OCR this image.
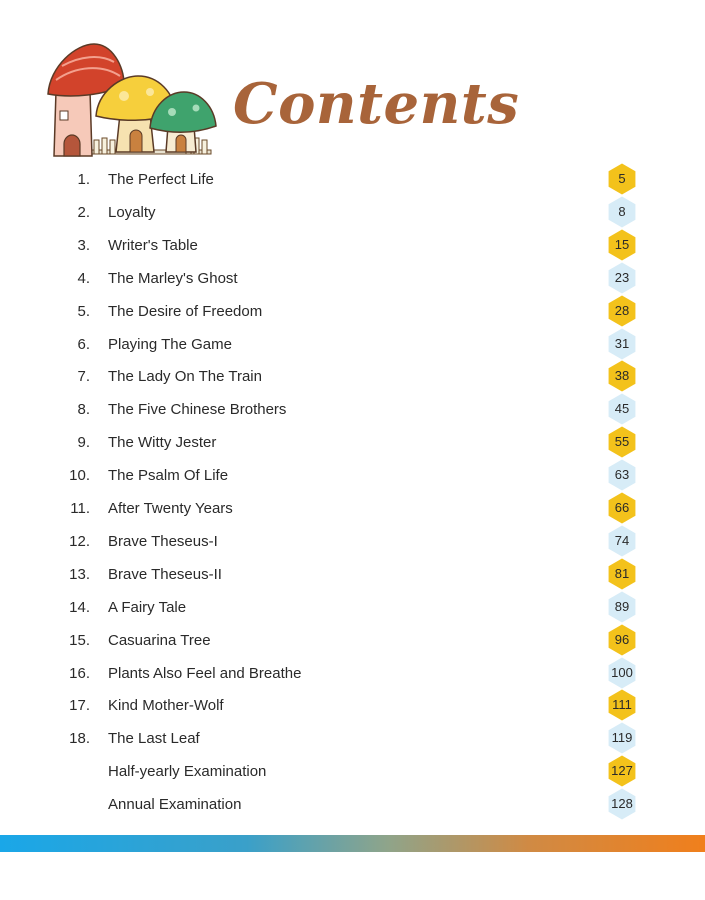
Contents
1. The Perfect Life	5
2. Loyalty	8
3. Writer's Table	15
4. The Marley's Ghost	23
5. The Desire of Freedom	28
6. Playing The Game	31
7. The Lady On The Train	38
8. The Five Chinese Brothers	45
9. The Witty Jester	55
10. The Psalm Of Life	63
11. After Twenty Years	66
12. Brave Theseus-I	74
13. Brave Theseus-II	81
14. A Fairy Tale	89
15. Casuarina Tree	96
16. Plants Also Feel and Breathe	100
17. Kind Mother-Wolf	111
18. The Last Leaf	119
Half-yearly Examination	127
Annual Examination	128
